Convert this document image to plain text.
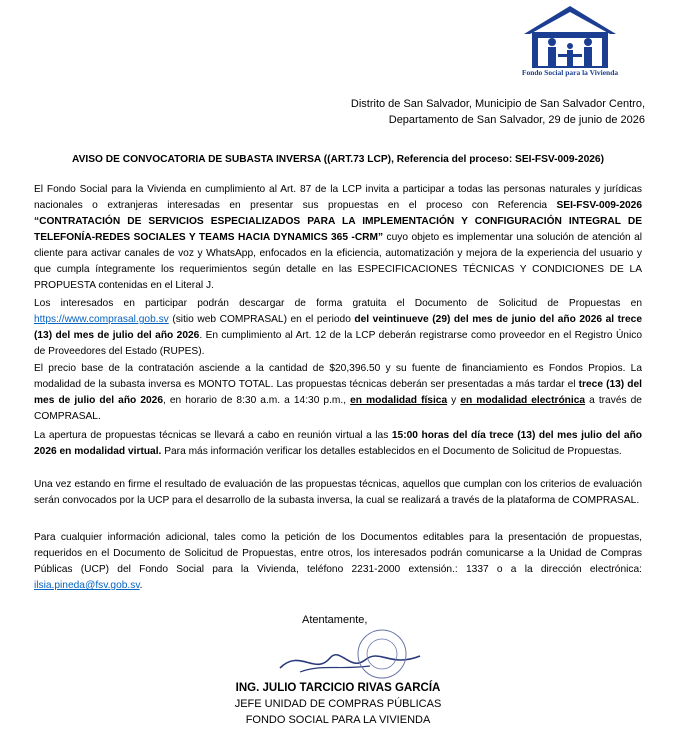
Fondo Social para la Vivienda
Distrito de San Salvador, Municipio de San Salvador Centro,
Departamento de San Salvador, 29 de junio de 2026
AVISO DE CONVOCATORIA DE SUBASTA INVERSA ((ART.73 LCP), Referencia del proceso: SEI-FSV-009-2026)

El Fondo Social para la Vivienda en cumplimiento al Art. 87 de la LCP invita a participar a todas las personas naturales y jurídicas nacionales o extranjeras interesadas en presentar sus propuestas en el proceso con Referencia SEI-FSV-009-2026 “CONTRATACIÓN DE SERVICIOS ESPECIALIZADOS PARA LA IMPLEMENTACIÓN Y CONFIGURACIÓN INTEGRAL DE TELEFONÍA-REDES SOCIALES Y TEAMS HACIA DYNAMICS 365 -CRM” cuyo objeto es implementar una solución de atención al cliente para activar canales de voz y WhatsApp, enfocados en la eficiencia, automatización y mejora de la experiencia del usuario y que cumpla íntegramente los requerimientos según detalle en las ESPECIFICACIONES TÉCNICAS Y CONDICIONES DE LA PROPUESTA contenidas en el Literal J.

Los interesados en participar podrán descargar de forma gratuita el Documento de Solicitud de Propuestas en https://www.comprasal.gob.sv (sitio web COMPRASAL) en el periodo del veintinueve (29) del mes de junio del año 2026 al trece (13) del mes de julio del año 2026. En cumplimiento al Art. 12 de la LCP deberán registrarse como proveedor en el Registro Único de Proveedores del Estado (RUPES).

El precio base de la contratación asciende a la cantidad de $20,396.50 y su fuente de financiamiento es Fondos Propios. La modalidad de la subasta inversa es MONTO TOTAL. Las propuestas técnicas deberán ser presentadas a más tardar el trece (13) del mes de julio del año 2026, en horario de 8:30 a.m. a 14:30 p.m., en modalidad física y en modalidad electrónica a través de COMPRASAL.

La apertura de propuestas técnicas se llevará a cabo en reunión virtual a las 15:00 horas del día trece (13) del mes julio del año 2026 en modalidad virtual. Para más información verificar los detalles establecidos en el Documento de Solicitud de Propuestas.

Una vez estando en firme el resultado de evaluación de las propuestas técnicas, aquellos que cumplan con los criterios de evaluación serán convocados por la UCP para el desarrollo de la subasta inversa, la cual se realizará a través de la plataforma de COMPRASAL.

Para cualquier información adicional, tales como la petición de los Documentos editables para la presentación de propuestas, requeridos en el Documento de Solicitud de Propuestas, entre otros, los interesados podrán comunicarse a la Unidad de Compras Públicas (UCP) del Fondo Social para la Vivienda, teléfono 2231-2000 extensión.: 1337 o a la dirección electrónica: ilsia.pineda@fsv.gob.sv.

Atentamente,
ING. JULIO TARCICIO RIVAS GARCÍA
JEFE UNIDAD DE COMPRAS PÚBLICAS
FONDO SOCIAL PARA LA VIVIENDA
